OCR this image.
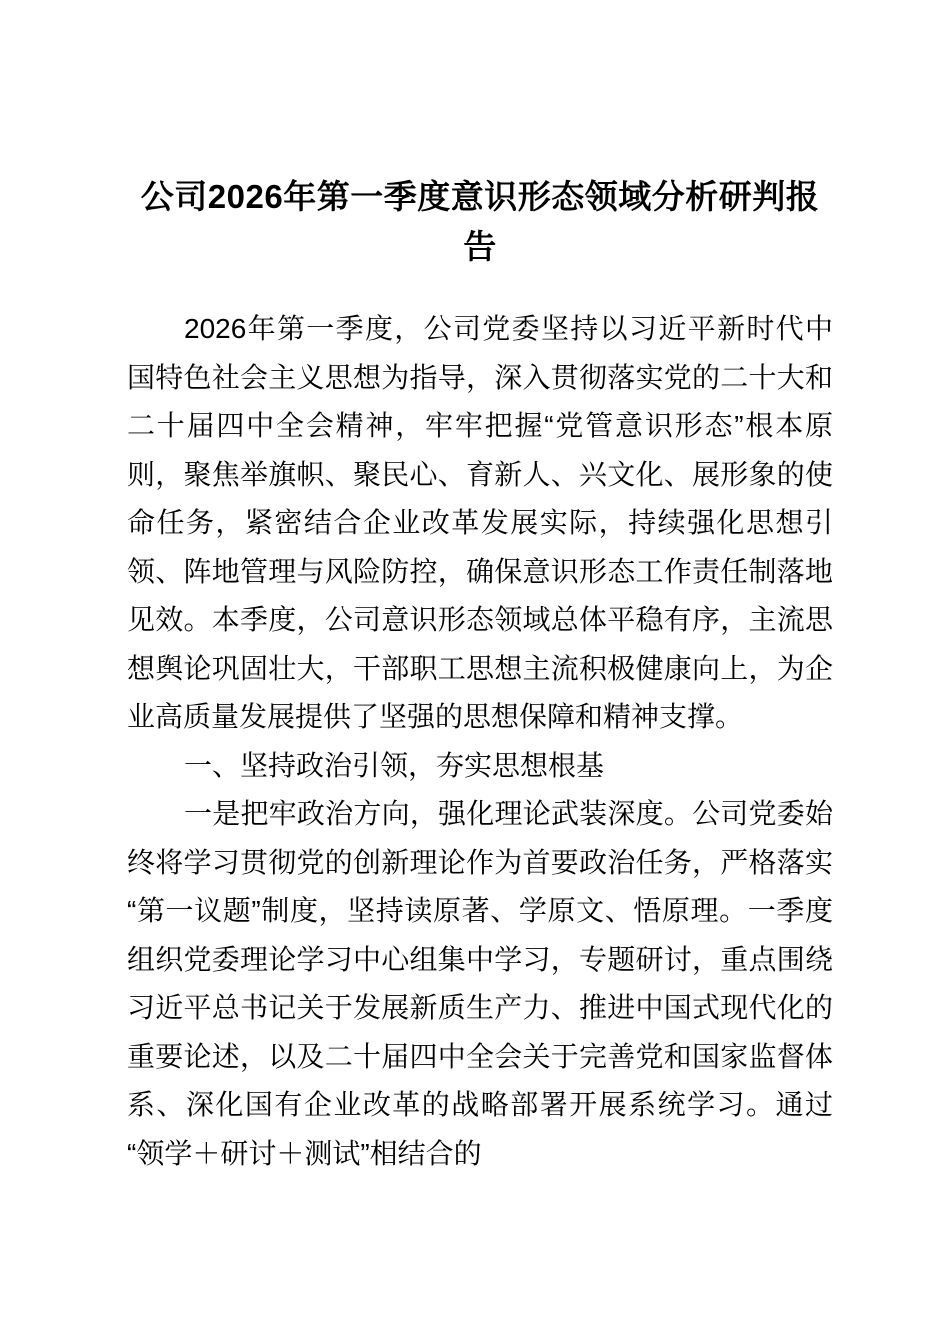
公司2026年第一季度意识形态领域分析研判报告

2026年第一季度，公司党委坚持以习近平新时代中国特色社会主义思想为指导，深入贯彻落实党的二十大和二十届四中全会精神，牢牢把握“党管意识形态”根本原则，聚焦举旗帜、聚民心、育新人、兴文化、展形象的使命任务，紧密结合企业改革发展实际，持续强化思想引领、阵地管理与风险防控，确保意识形态工作责任制落地见效。本季度，公司意识形态领域总体平稳有序，主流思想舆论巩固壮大，干部职工思想主流积极健康向上，为企业高质量发展提供了坚强的思想保障和精神支撑。

一、坚持政治引领，夯实思想根基

一是把牢政治方向，强化理论武装深度。公司党委始终将学习贯彻党的创新理论作为首要政治任务，严格落实“第一议题”制度，坚持读原著、学原文、悟原理。一季度组织党委理论学习中心组集中学习，专题研讨，重点围绕习近平总书记关于发展新质生产力、推进中国式现代化的重要论述，以及二十届四中全会关于完善党和国家监督体系、深化国有企业改革的战略部署开展系统学习。通过“领学＋研讨＋测试”相结合的
